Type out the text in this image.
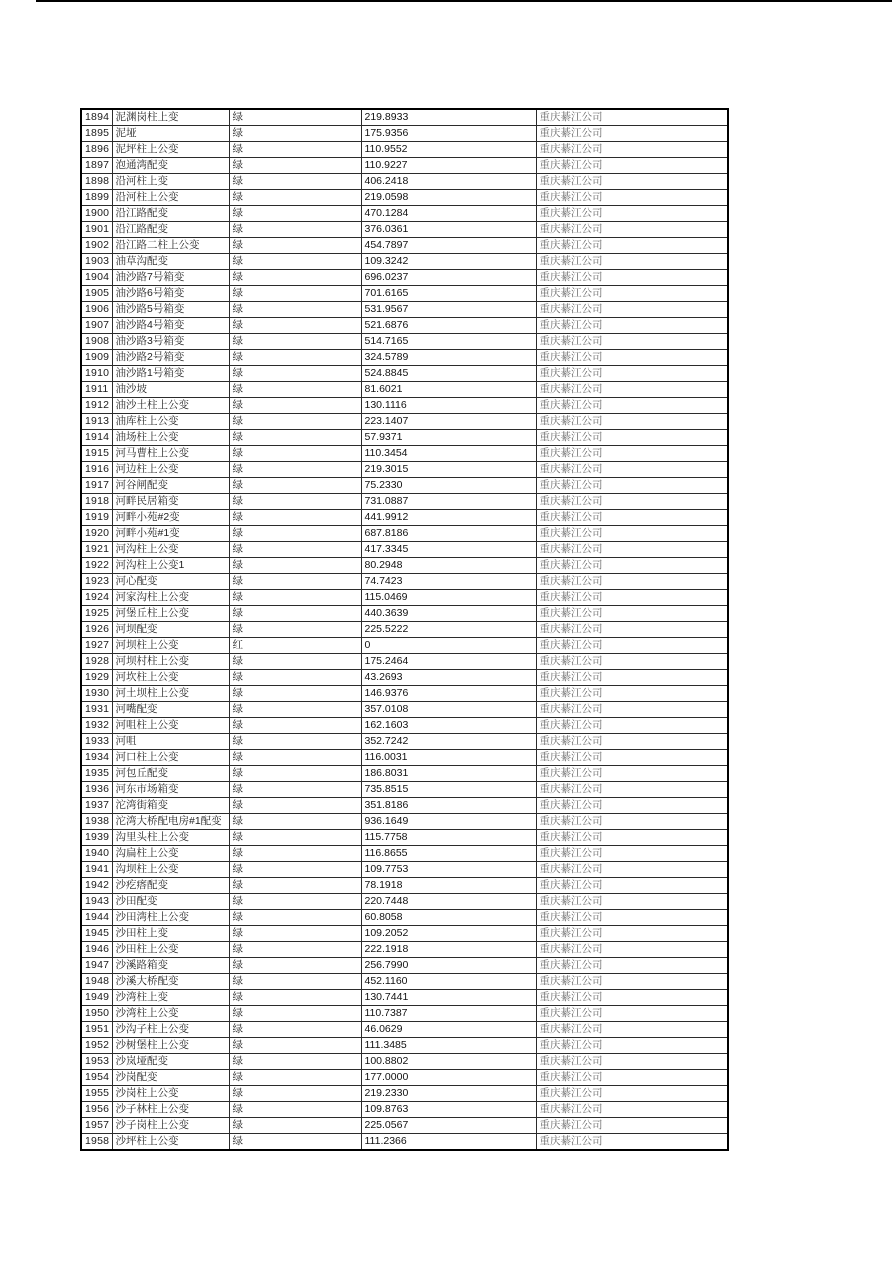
1894	泥渊岗柱上变	绿	219.8933	重庆綦江公司
1895	泥垭	绿	175.9356	重庆綦江公司
1896	泥坪柱上公变	绿	110.9552	重庆綦江公司
1897	泡通湾配变	绿	110.9227	重庆綦江公司
1898	沿河柱上变	绿	406.2418	重庆綦江公司
1899	沿河柱上公变	绿	219.0598	重庆綦江公司
1900	沿江路配变	绿	470.1284	重庆綦江公司
1901	沿江路配变	绿	376.0361	重庆綦江公司
1902	沿江路二柱上公变	绿	454.7897	重庆綦江公司
1903	油草沟配变	绿	109.3242	重庆綦江公司
1904	油沙路7号箱变	绿	696.0237	重庆綦江公司
1905	油沙路6号箱变	绿	701.6165	重庆綦江公司
1906	油沙路5号箱变	绿	531.9567	重庆綦江公司
1907	油沙路4号箱变	绿	521.6876	重庆綦江公司
1908	油沙路3号箱变	绿	514.7165	重庆綦江公司
1909	油沙路2号箱变	绿	324.5789	重庆綦江公司
1910	油沙路1号箱变	绿	524.8845	重庆綦江公司
1911	油沙坡	绿	81.6021	重庆綦江公司
1912	油沙土柱上公变	绿	130.1116	重庆綦江公司
1913	油库柱上公变	绿	223.1407	重庆綦江公司
1914	油场柱上公变	绿	57.9371	重庆綦江公司
1915	河马曹柱上公变	绿	110.3454	重庆綦江公司
1916	河边柱上公变	绿	219.3015	重庆綦江公司
1917	河谷闸配变	绿	75.2330	重庆綦江公司
1918	河畔民居箱变	绿	731.0887	重庆綦江公司
1919	河畔小苑#2变	绿	441.9912	重庆綦江公司
1920	河畔小苑#1变	绿	687.8186	重庆綦江公司
1921	河沟柱上公变	绿	417.3345	重庆綦江公司
1922	河沟柱上公变1	绿	80.2948	重庆綦江公司
1923	河心配变	绿	74.7423	重庆綦江公司
1924	河家沟柱上公变	绿	115.0469	重庆綦江公司
1925	河堡丘柱上公变	绿	440.3639	重庆綦江公司
1926	河坝配变	绿	225.5222	重庆綦江公司
1927	河坝柱上公变	红	0	重庆綦江公司
1928	河坝村柱上公变	绿	175.2464	重庆綦江公司
1929	河坎柱上公变	绿	43.2693	重庆綦江公司
1930	河土坝柱上公变	绿	146.9376	重庆綦江公司
1931	河嘴配变	绿	357.0108	重庆綦江公司
1932	河咀柱上公变	绿	162.1603	重庆綦江公司
1933	河咀	绿	352.7242	重庆綦江公司
1934	河口柱上公变	绿	116.0031	重庆綦江公司
1935	河包丘配变	绿	186.8031	重庆綦江公司
1936	河东市场箱变	绿	735.8515	重庆綦江公司
1937	沱湾街箱变	绿	351.8186	重庆綦江公司
1938	沱湾大桥配电房#1配变	绿	936.1649	重庆綦江公司
1939	沟里头柱上公变	绿	115.7758	重庆綦江公司
1940	沟扁柱上公变	绿	116.8655	重庆綦江公司
1941	沟坝柱上公变	绿	109.7753	重庆綦江公司
1942	沙疙瘩配变	绿	78.1918	重庆綦江公司
1943	沙田配变	绿	220.7448	重庆綦江公司
1944	沙田湾柱上公变	绿	60.8058	重庆綦江公司
1945	沙田柱上变	绿	109.2052	重庆綦江公司
1946	沙田柱上公变	绿	222.1918	重庆綦江公司
1947	沙溪路箱变	绿	256.7990	重庆綦江公司
1948	沙溪大桥配变	绿	452.1160	重庆綦江公司
1949	沙湾柱上变	绿	130.7441	重庆綦江公司
1950	沙湾柱上公变	绿	110.7387	重庆綦江公司
1951	沙沟子柱上公变	绿	46.0629	重庆綦江公司
1952	沙树堡柱上公变	绿	111.3485	重庆綦江公司
1953	沙岚垭配变	绿	100.8802	重庆綦江公司
1954	沙岗配变	绿	177.0000	重庆綦江公司
1955	沙岗柱上公变	绿	219.2330	重庆綦江公司
1956	沙子林柱上公变	绿	109.8763	重庆綦江公司
1957	沙子岗柱上公变	绿	225.0567	重庆綦江公司
1958	沙坪柱上公变	绿	111.2366	重庆綦江公司
